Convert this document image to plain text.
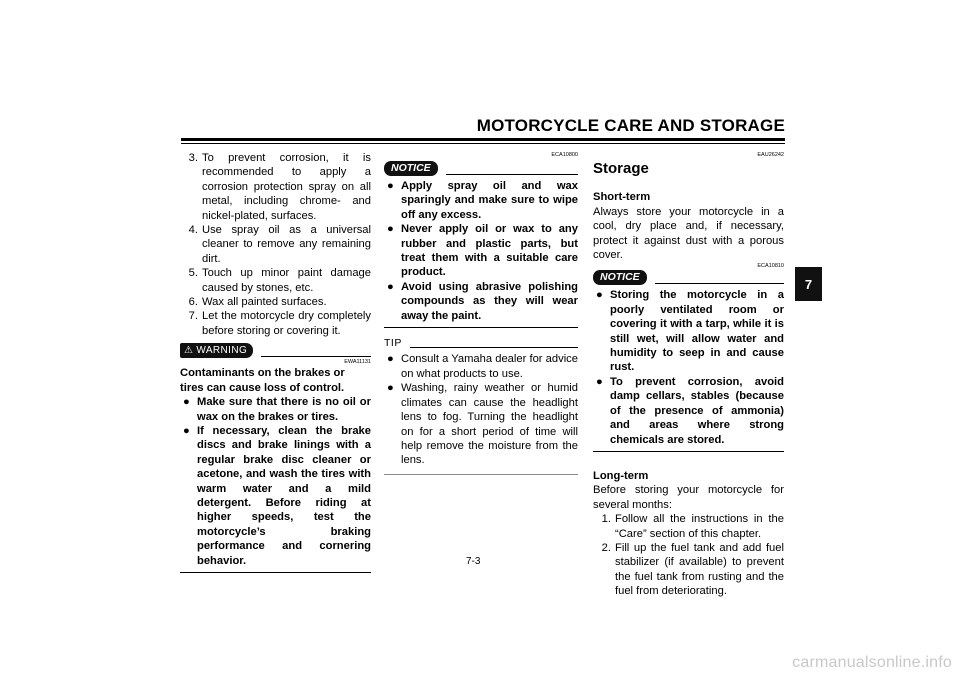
MOTORCYCLE CARE AND STORAGE
3. To prevent corrosion, it is recommended to apply a corrosion protection spray on all metal, including chrome- and nickel-plated, surfaces.
4. Use spray oil as a universal cleaner to remove any remaining dirt.
5. Touch up minor paint damage caused by stones, etc.
6. Wax all painted surfaces.
7. Let the motorcycle dry completely before storing or covering it.
⚠ WARNING
EWA11131
Contaminants on the brakes or tires can cause loss of control.
● Make sure that there is no oil or wax on the brakes or tires.
● If necessary, clean the brake discs and brake linings with a regular brake disc cleaner or acetone, and wash the tires with warm water and a mild detergent. Before riding at higher speeds, test the motorcycle’s braking performance and cornering behavior.
ECA10800
NOTICE
● Apply spray oil and wax sparingly and make sure to wipe off any excess.
● Never apply oil or wax to any rubber and plastic parts, but treat them with a suitable care product.
● Avoid using abrasive polishing compounds as they will wear away the paint.
TIP
● Consult a Yamaha dealer for advice on what products to use.
● Washing, rainy weather or humid climates can cause the headlight lens to fog. Turning the headlight on for a short period of time will help remove the moisture from the lens.
EAU26242
Storage
Short-term
Always store your motorcycle in a cool, dry place and, if necessary, protect it against dust with a porous cover.
ECA10810
NOTICE
● Storing the motorcycle in a poorly ventilated room or covering it with a tarp, while it is still wet, will allow water and humidity to seep in and cause rust.
● To prevent corrosion, avoid damp cellars, stables (because of the presence of ammonia) and areas where strong chemicals are stored.
Long-term
Before storing your motorcycle for several months:
1. Follow all the instructions in the “Care” section of this chapter.
2. Fill up the fuel tank and add fuel stabilizer (if available) to prevent the fuel tank from rusting and the fuel from deteriorating.
7
7-3
carmanualsonline.info
